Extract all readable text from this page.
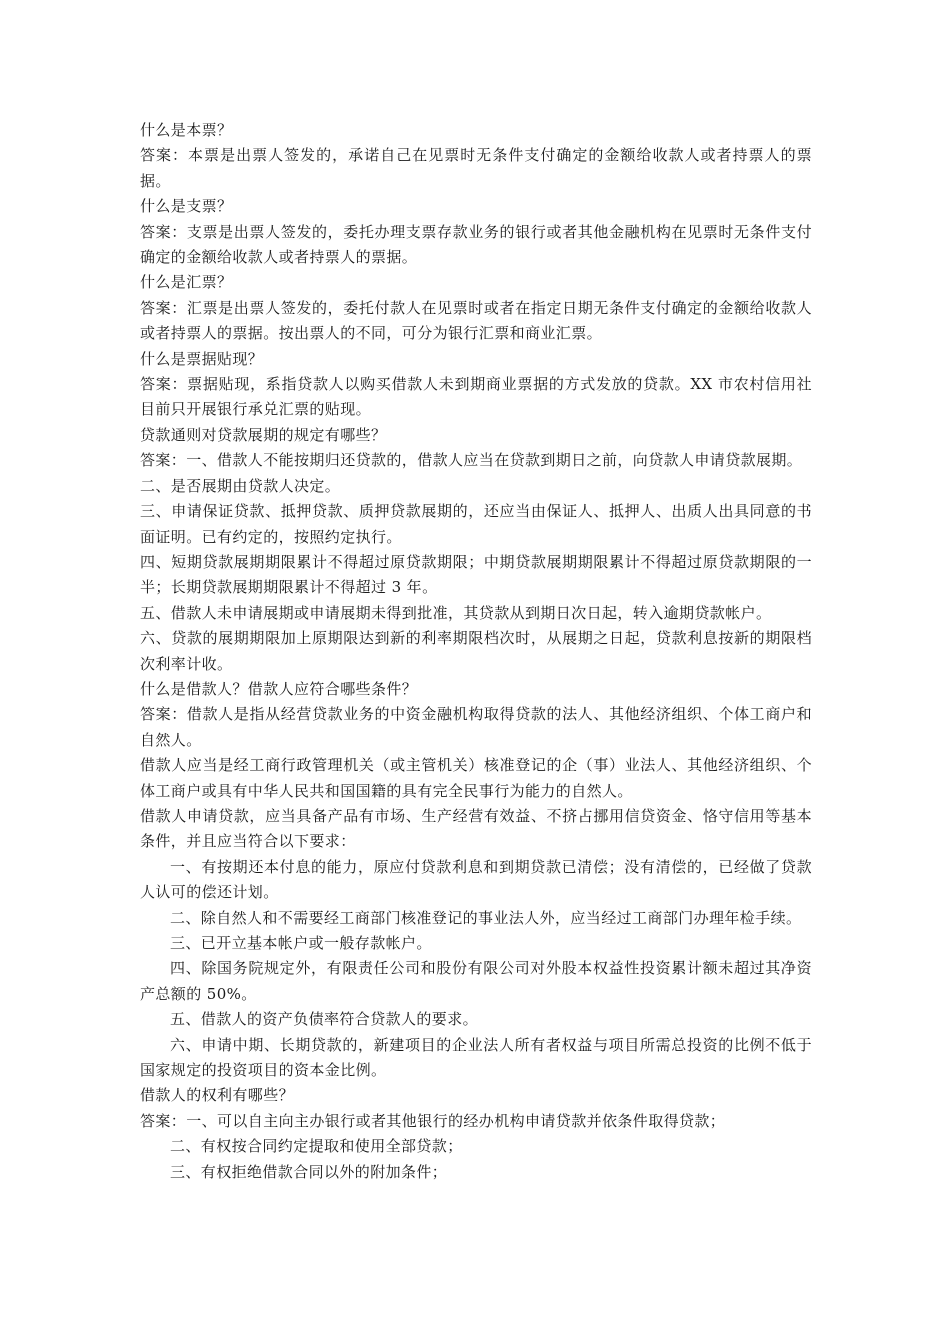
什么是本票？

答案：本票是出票人签发的，承诺自己在见票时无条件支付确定的金额给收款人或者持票人的票据。

什么是支票？

答案：支票是出票人签发的，委托办理支票存款业务的银行或者其他金融机构在见票时无条件支付确定的金额给收款人或者持票人的票据。

什么是汇票？

答案：汇票是出票人签发的，委托付款人在见票时或者在指定日期无条件支付确定的金额给收款人或者持票人的票据。按出票人的不同，可分为银行汇票和商业汇票。

什么是票据贴现？

答案：票据贴现，系指贷款人以购买借款人未到期商业票据的方式发放的贷款。XX 市农村信用社目前只开展银行承兑汇票的贴现。

贷款通则对贷款展期的规定有哪些？

答案：一、借款人不能按期归还贷款的，借款人应当在贷款到期日之前，向贷款人申请贷款展期。

二、是否展期由贷款人决定。

三、申请保证贷款、抵押贷款、质押贷款展期的，还应当由保证人、抵押人、出质人出具同意的书面证明。已有约定的，按照约定执行。

四、短期贷款展期期限累计不得超过原贷款期限；中期贷款展期期限累计不得超过原贷款期限的一半；长期贷款展期期限累计不得超过 3 年。

五、借款人未申请展期或申请展期未得到批准，其贷款从到期日次日起，转入逾期贷款帐户。

六、贷款的展期期限加上原期限达到新的利率期限档次时，从展期之日起，贷款利息按新的期限档次利率计收。

什么是借款人？借款人应符合哪些条件？

答案：借款人是指从经营贷款业务的中资金融机构取得贷款的法人、其他经济组织、个体工商户和自然人。

借款人应当是经工商行政管理机关（或主管机关）核准登记的企（事）业法人、其他经济组织、个体工商户或具有中华人民共和国国籍的具有完全民事行为能力的自然人。

借款人申请贷款，应当具备产品有市场、生产经营有效益、不挤占挪用信贷资金、恪守信用等基本条件，并且应当符合以下要求：

一、有按期还本付息的能力，原应付贷款利息和到期贷款已清偿；没有清偿的，已经做了贷款人认可的偿还计划。

二、除自然人和不需要经工商部门核准登记的事业法人外，应当经过工商部门办理年检手续。

三、已开立基本帐户或一般存款帐户。

四、除国务院规定外，有限责任公司和股份有限公司对外股本权益性投资累计额未超过其净资产总额的 50%。

五、借款人的资产负债率符合贷款人的要求。

六、申请中期、长期贷款的，新建项目的企业法人所有者权益与项目所需总投资的比例不低于国家规定的投资项目的资本金比例。

借款人的权利有哪些？

答案：一、可以自主向主办银行或者其他银行的经办机构申请贷款并依条件取得贷款；

二、有权按合同约定提取和使用全部贷款；

三、有权拒绝借款合同以外的附加条件；
